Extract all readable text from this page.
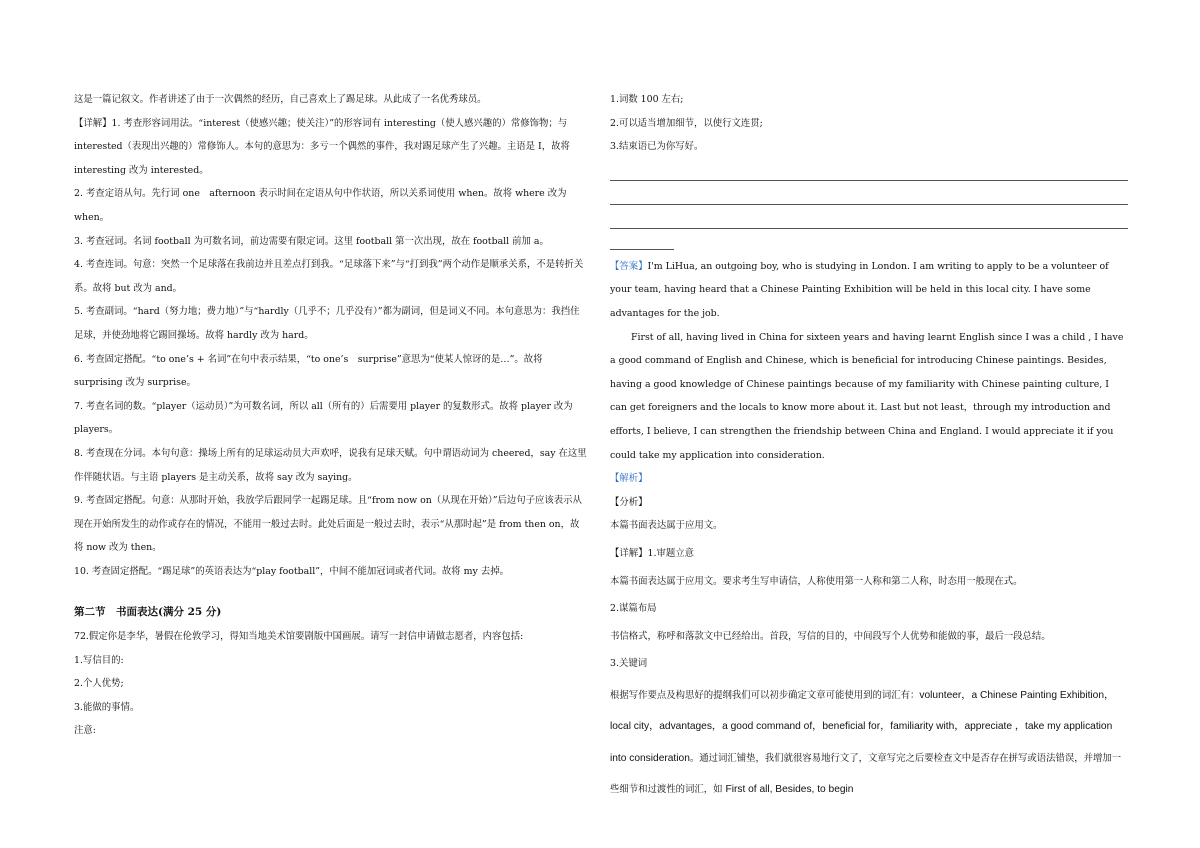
这是一篇记叙文。作者讲述了由于一次偶然的经历，自己喜欢上了踢足球。从此成了一名优秀球员。

【详解】1. 考查形容词用法。“interest（使感兴趣；使关注）”的形容词有 interesting（使人感兴趣的）常修饰物；与 interested（表现出兴趣的）常修饰人。本句的意思为：多亏一个偶然的事件，我对踢足球产生了兴趣。主语是 I，故将 interesting 改为 interested。

2. 考查定语从句。先行词 one　afternoon 表示时间在定语从句中作状语，所以关系词使用 when。故将 where 改为 when。

3. 考查冠词。名词 football 为可数名词，前边需要有限定词。这里 football 第一次出现，故在 football 前加 a。

4. 考查连词。句意：突然一个足球落在我前边并且差点打到我。“足球落下来”与“打到我”两个动作是顺承关系，不是转折关系。故将 but 改为 and。

5. 考查副词。“hard（努力地；费力地）”与“hardly（几乎不；几乎没有）”都为副词，但是词义不同。本句意思为：我挡住足球，并使劲地将它踢回操场。故将 hardly 改为 hard。

6. 考查固定搭配。“to one’s + 名词”在句中表示结果，“to one’s　surprise”意思为“使某人惊讶的是…”。故将 surprising 改为 surprise。

7. 考查名词的数。“player（运动员）”为可数名词，所以 all（所有的）后需要用 player 的复数形式。故将 player 改为 players。

8. 考查现在分词。本句句意：操场上所有的足球运动员大声欢呼，说我有足球天赋。句中谓语动词为 cheered，say 在这里作伴随状语。与主语 players 是主动关系，故将 say 改为 saying。

9. 考查固定搭配。句意：从那时开始，我放学后跟同学一起踢足球。且“from now on（从现在开始）”后边句子应该表示从现在开始所发生的动作或存在的情况，不能用一般过去时。此处后面是一般过去时，表示“从那时起”是 from then on，故将 now 改为 then。

10. 考查固定搭配。“踢足球”的英语表达为“play football”，中间不能加冠词或者代词。故将 my 去掉。

第二节　书面表达(满分 25 分)

72.假定你是李华，暑假在伦敦学习，得知当地美术馆要剧版中国画展。请写一封信申请做志愿者，内容包括:

1.写信目的:

2.个人优势;

3.能做的事情。

注意:

1.词数 100 左右;

2.可以适当增加细节，以使行文连贯;

3.结束语已为你写好。

【答案】I'm LiHua, an outgoing boy, who is studying in London. I am writing to apply to be a volunteer of your team, having heard that a Chinese Painting Exhibition will be held in this local city. I have some advantages for the job.

First of all, having lived in China for sixteen years and having learnt English since I was a child , I have a good command of English and Chinese, which is beneficial for introducing Chinese paintings. Besides, having a good knowledge of Chinese paintings because of my familiarity with Chinese painting culture, I can get foreigners and the locals to know more about it. Last but not least，through my introduction and efforts, I believe, I can strengthen the friendship between China and England. I would appreciate it if you could take my application into consideration.

【解析】

【分析】

本篇书面表达属于应用文。

【详解】1.审题立意

本篇书面表达属于应用文。要求考生写申请信，人称使用第一人称和第二人称，时态用一般现在式。

2.谋篇布局

书信格式，称呼和落款文中已经给出。首段，写信的目的，中间段写个人优势和能做的事，最后一段总结。

3.关键词

根据写作要点及构思好的提纲我们可以初步确定文章可能使用到的词汇有：volunteer，a Chinese Painting Exhibition，local city，advantages，a good command of，beneficial for，familiarity with，appreciate ，take my application into consideration。通过词汇铺垫，我们就很容易地行文了，文章写完之后要检查文中是否存在拼写或语法错误，并增加一些细节和过渡性的词汇，如 First of all, Besides, to begin
